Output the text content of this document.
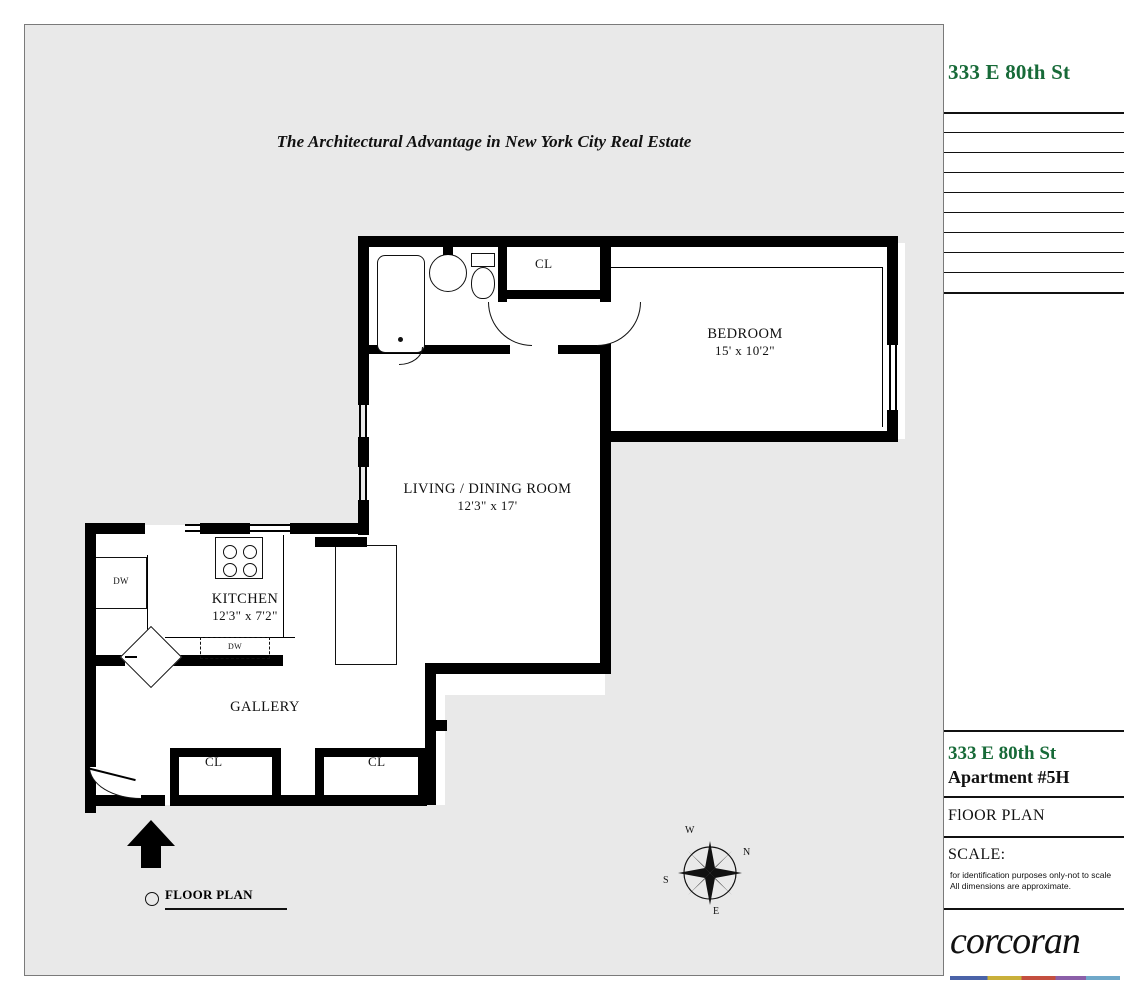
The Architectural Advantage in New York City Real Estate
DW
DW
BEDROOM
15' x 10'2"
LIVING / DINING ROOM
12'3" x 17'
KITCHEN
12'3" x 7'2"
GALLERY
CL
CL	CL
W
N
S
E
FLOOR PLAN
333 E 80th St
333 E 80th St
Apartment #5H
FlOOR PLAN
SCALE:
for identification purposes only-not to scale
All dimensions are approximate.
corcoran
